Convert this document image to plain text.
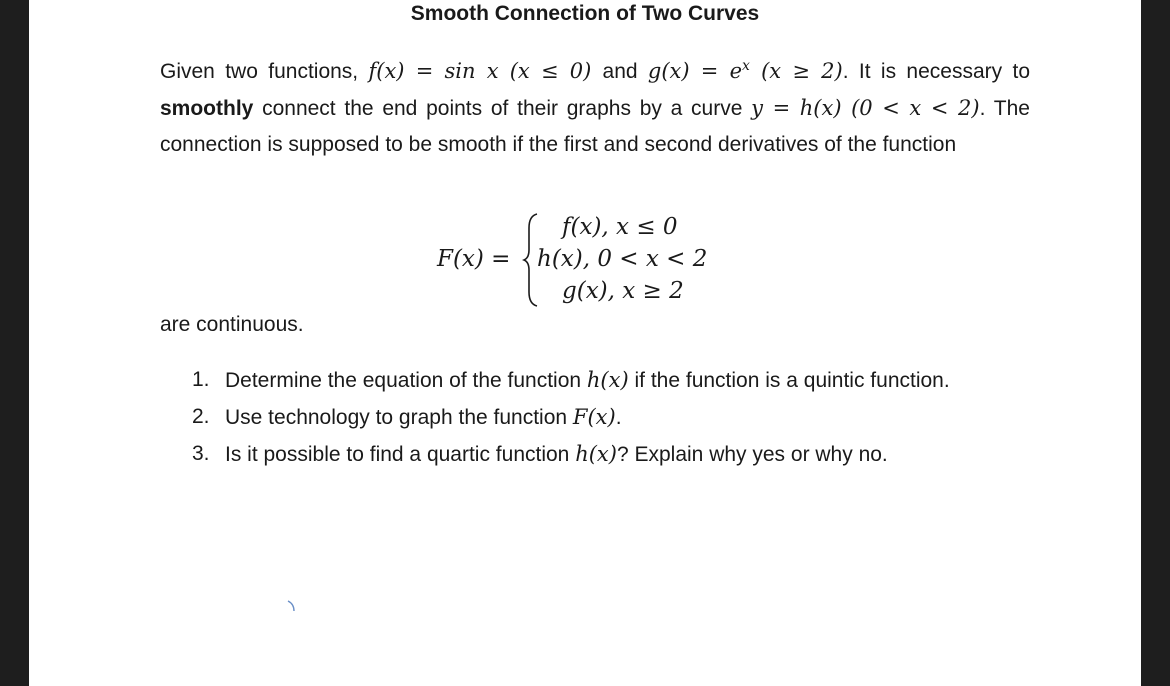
Smooth Connection of Two Curves
Given two functions, f(x) = sin x (x ≤ 0) and $g(x) = e^x$ (x ≥ 2). It is necessary to smoothly connect the end points of their graphs by a curve y = h(x) (0 < x < 2). The connection is supposed to be smooth if the first and second derivatives of the function
F(x) =
f(x), x ≤ 0
h(x), 0 < x < 2
g(x), x ≥ 2
are continuous.
1. Determine the equation of the function h(x) if the function is a quintic function.
2. Use technology to graph the function F(x).
3. Is it possible to find a quartic function h(x)? Explain why yes or why no.
